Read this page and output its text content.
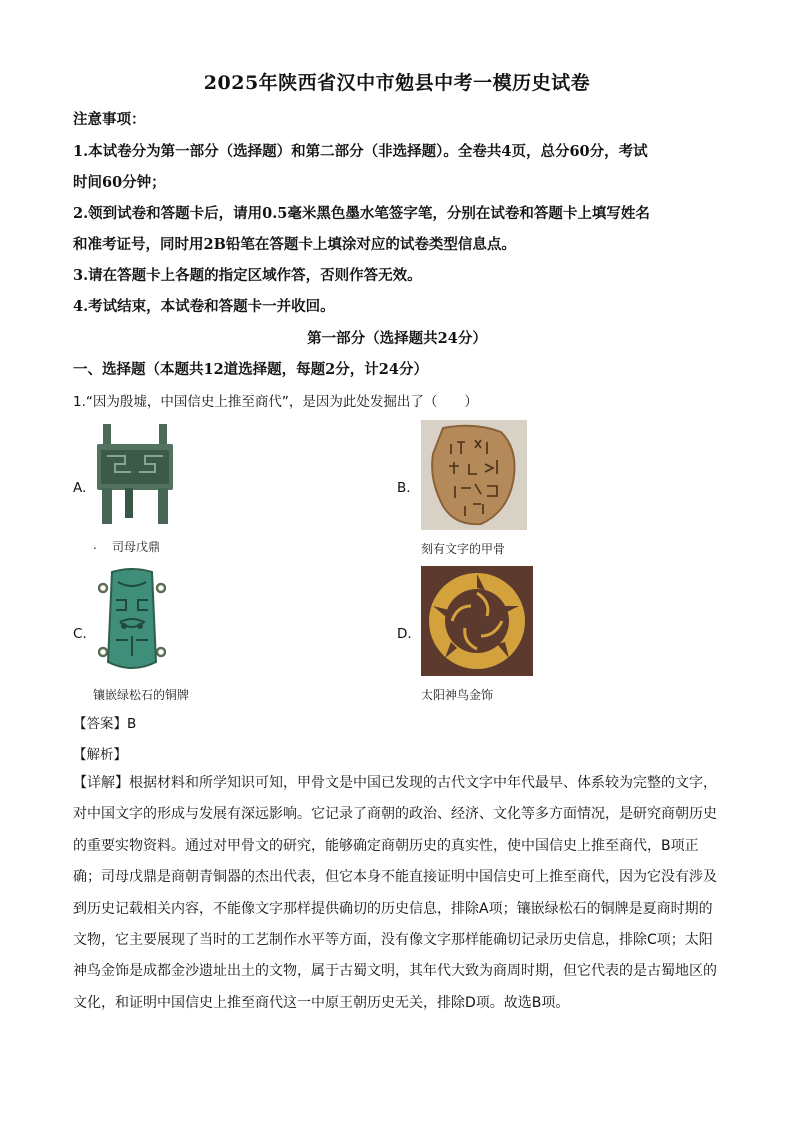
2025年陕西省汉中市勉县中考一模历史试卷
注意事项：
1.本试卷分为第一部分（选择题）和第二部分（非选择题）。全卷共4页，总分60分，考试
时间60分钟；
2.领到试卷和答题卡后，请用0.5毫米黑色墨水笔签字笔，分别在试卷和答题卡上填写姓名
和准考证号，同时用2B铅笔在答题卡上填涂对应的试卷类型信息点。
3.请在答题卡上各题的指定区域作答，否则作答无效。
4.考试结束，本试卷和答题卡一并收回。
第一部分（选择题共24分）
一、选择题（本题共12道选择题，每题2分，计24分）
1.“因为殷墟，中国信史上推至商代”，是因为此处发掘出了（　　）
A.
. 司母戊鼎
B.
刻有文字的甲骨
C.
镶嵌绿松石的铜牌
D.
太阳神鸟金饰
【答案】B
【解析】
【详解】根据材料和所学知识可知，甲骨文是中国已发现的古代文字中年代最早、体系较为完整的文字，
对中国文字的形成与发展有深远影响。它记录了商朝的政治、经济、文化等多方面情况，是研究商朝历史
的重要实物资料。通过对甲骨文的研究，能够确定商朝历史的真实性，使中国信史上推至商代，B项正
确；司母戊鼎是商朝青铜器的杰出代表，但它本身不能直接证明中国信史可上推至商代，因为它没有涉及
到历史记载相关内容，不能像文字那样提供确切的历史信息，排除A项；镶嵌绿松石的铜牌是夏商时期的
文物，它主要展现了当时的工艺制作水平等方面，没有像文字那样能确切记录历史信息，排除C项；太阳
神鸟金饰是成都金沙遗址出土的文物，属于古蜀文明，其年代大致为商周时期，但它代表的是古蜀地区的
文化，和证明中国信史上推至商代这一中原王朝历史无关，排除D项。故选B项。
